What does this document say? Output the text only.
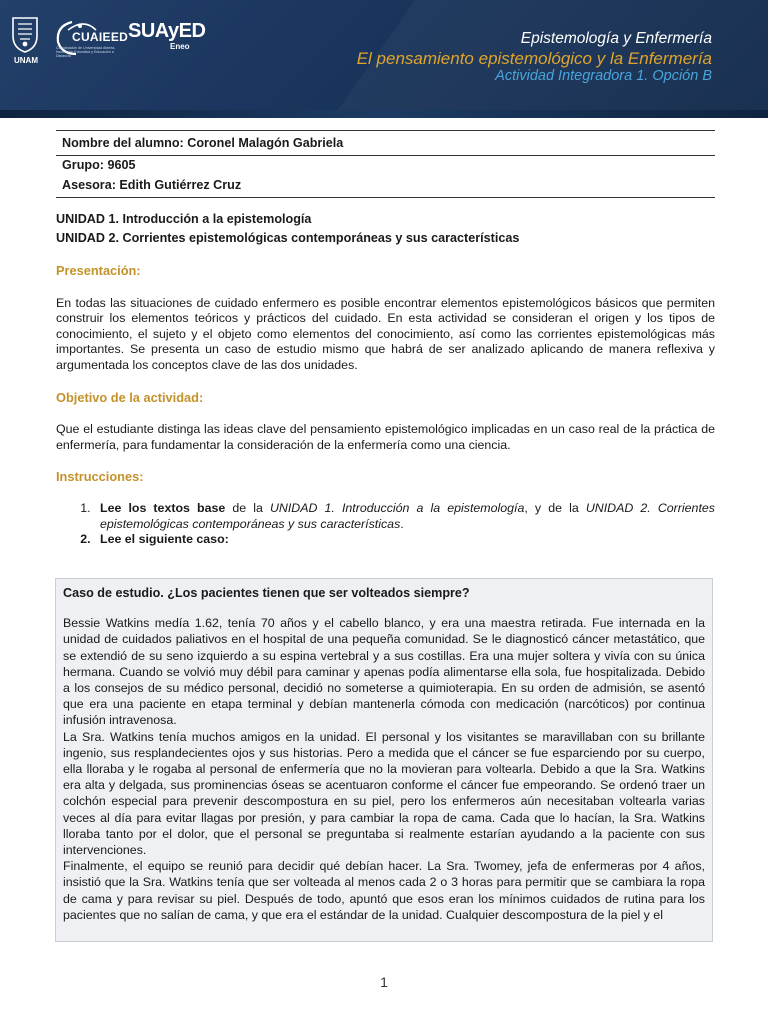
UNAM
CUAIEED
Coordinación de Universidad Abierta, Innovación Educativa y Educación a Distancia
SUAyED
Eneo	Epistemología y Enfermería
El pensamiento epistemológico y la Enfermería
Actividad Integradora 1. Opción B
Nombre del alumno: Coronel Malagón Gabriela
Grupo: 9605
Asesora: Edith Gutiérrez Cruz
UNIDAD 1. Introducción a la epistemología
UNIDAD 2. Corrientes epistemológicas contemporáneas y sus características
Presentación:
En todas las situaciones de cuidado enfermero es posible encontrar elementos epistemológicos básicos que permiten construir los elementos teóricos y prácticos del cuidado. En esta actividad se consideran el origen y los tipos de conocimiento, el sujeto y el objeto como elementos del conocimiento, así como las corrientes epistemológicas más importantes. Se presenta un caso de estudio mismo que habrá de ser analizado aplicando de manera reflexiva y argumentada los conceptos clave de las dos unidades.
Objetivo de la actividad:
Que el estudiante distinga las ideas clave del pensamiento epistemológico implicadas en un caso real de la práctica de enfermería, para fundamentar la consideración de la enfermería como una ciencia.
Instrucciones:
1. Lee los textos base de la UNIDAD 1. Introducción a la epistemología, y de la UNIDAD 2. Corrientes epistemológicas contemporáneas y sus características.
2. Lee el siguiente caso:
Caso de estudio. ¿Los pacientes tienen que ser volteados siempre?

Bessie Watkins medía 1.62, tenía 70 años y el cabello blanco, y era una maestra retirada. Fue internada en la unidad de cuidados paliativos en el hospital de una pequeña comunidad. Se le diagnosticó cáncer metastático, que se extendió de su seno izquierdo a su espina vertebral y a sus costillas. Era una mujer soltera y vivía con su única hermana. Cuando se volvió muy débil para caminar y apenas podía alimentarse ella sola, fue hospitalizada. Debido a los consejos de su médico personal, decidió no someterse a quimioterapia. En su orden de admisión, se asentó que era una paciente en etapa terminal y debían mantenerla cómoda con medicación (narcóticos) por continua infusión intravenosa.

La Sra. Watkins tenía muchos amigos en la unidad. El personal y los visitantes se maravillaban con su brillante ingenio, sus resplandecientes ojos y sus historias. Pero a medida que el cáncer se fue esparciendo por su cuerpo, ella lloraba y le rogaba al personal de enfermería que no la movieran para voltearla. Debido a que la Sra. Watkins era alta y delgada, sus prominencias óseas se acentuaron conforme el cáncer fue empeorando. Se ordenó traer un colchón especial para prevenir descompostura en su piel, pero los enfermeros aún necesitaban voltearla varias veces al día para evitar llagas por presión, y para cambiar la ropa de cama. Cada que lo hacían, la Sra. Watkins lloraba tanto por el dolor, que el personal se preguntaba si realmente estarían ayudando a la paciente con sus intervenciones.

Finalmente, el equipo se reunió para decidir qué debían hacer. La Sra. Twomey, jefa de enfermeras por 4 años, insistió que la Sra. Watkins tenía que ser volteada al menos cada 2 o 3 horas para permitir que se cambiara la ropa de cama y para revisar su piel. Después de todo, apuntó que esos eran los mínimos cuidados de rutina para los pacientes que no salían de cama, y que era el estándar de la unidad. Cualquier descompostura de la piel y el

1
